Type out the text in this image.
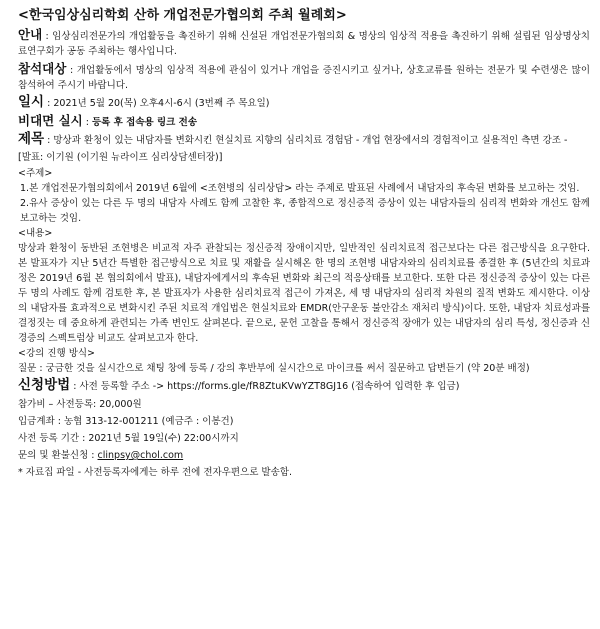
<한국임상심리학회 산하 개업전문가협의회 주최 월례회>
안내 : 임상심리전문가의 개업활동을 촉진하기 위해 신설된 개업전문가협의회 & 명상의 임상적 적용을 촉진하기 위해 설립된 임상명상치료연구회가 공동 주최하는 행사입니다.
참석대상 : 개업활동에서 명상의 임상적 적용에 관심이 있거나 개업을 증진시키고 싶거나, 상호교류를 원하는 전문가 및 수련생은 많이 참석하여 주시기 바랍니다.
일시 : 2021년 5월 20(목) 오후4시-6시 (3번째 주 목요일)
비대면 실시 : 등록 후 접속용 링크 전송
제목 : 망상과 환청이 있는 내담자를 변화시킨 현실치료 지향의 심리치료 경험담 - 개업 현장에서의 경험적이고 실용적인 측면 강조 -

[발표: 이기원 (이기원 뉴라이프 심리상담센터장)]

<주제>

1.본 개업전문가협의회에서 2019년 6월에 <조현병의 심리상담> 라는 주제로 발표된 사례에서 내담자의 후속된 변화를 보고하는 것임.

2.유사 증상이 있는 다른 두 명의 내담자 사례도 함께 고찰한 후, 종합적으로 정신증적 증상이 있는 내담자들의 심리적 변화와 개선도 함께 보고하는 것임.

<내용>

망상과 환청이 동반된 조현병은 비교적 자주 관찰되는 정신증적 장애이지만, 일반적인 심리치료적 접근보다는 다른 접근방식을 요구한다. 본 발표자가 지난 5년간 특별한 접근방식으로 치료 및 재활을 실시해온 한 명의 조현병 내담자와의 심리치료를 종결한 후 (5년간의 치료과정은 2019년 6월 본 협의회에서 발표), 내담자에게서의 후속된 변화와 최근의 적응상태를 보고한다. 또한 다른 정신증적 증상이 있는 다른 두 명의 사례도 함께 검토한 후, 본 발표자가 사용한 심리치료적 접근이 가져온, 세 명 내담자의 심리적 차원의 질적 변화도 제시한다. 이상의 내담자를 효과적으로 변화시킨 주된 치료적 개입법은 현실치료와 EMDR(안구운동 불안감소 재처리 방식)이다. 또한, 내담자 치료성과를 결정짓는 데 중요하게 관련되는 가족 변인도 살펴본다. 끝으로, 문헌 고찰을 통해서 정신증적 장애가 있는 내담자의 심리 특성, 정신증과 신경증의 스펙트럼상 비교도 살펴보고자 한다.

<강의 진행 방식>

질문 : 궁금한 것을 실시간으로 채팅 창에 등록 / 강의 후반부에 실시간으로 마이크를 써서 질문하고 답변듣기 (약 20분 배정)

신청방법 : 사전 등록할 주소 -> https://forms.gle/fR8ZtuKVwYZT8GJ16 (접속하여 입력한 후 입금)

참가비 – 사전등록: 20,000원

입금계좌 : 농협 313-12-001211 (예금주 : 이봉건)

사전 등록 기간 : 2021년 5월 19일(수) 22:00시까지

문의 및 환불신청 : clinpsy@chol.com

* 자료집 파일 - 사전등록자에게는 하루 전에 전자우편으로 발송함.
